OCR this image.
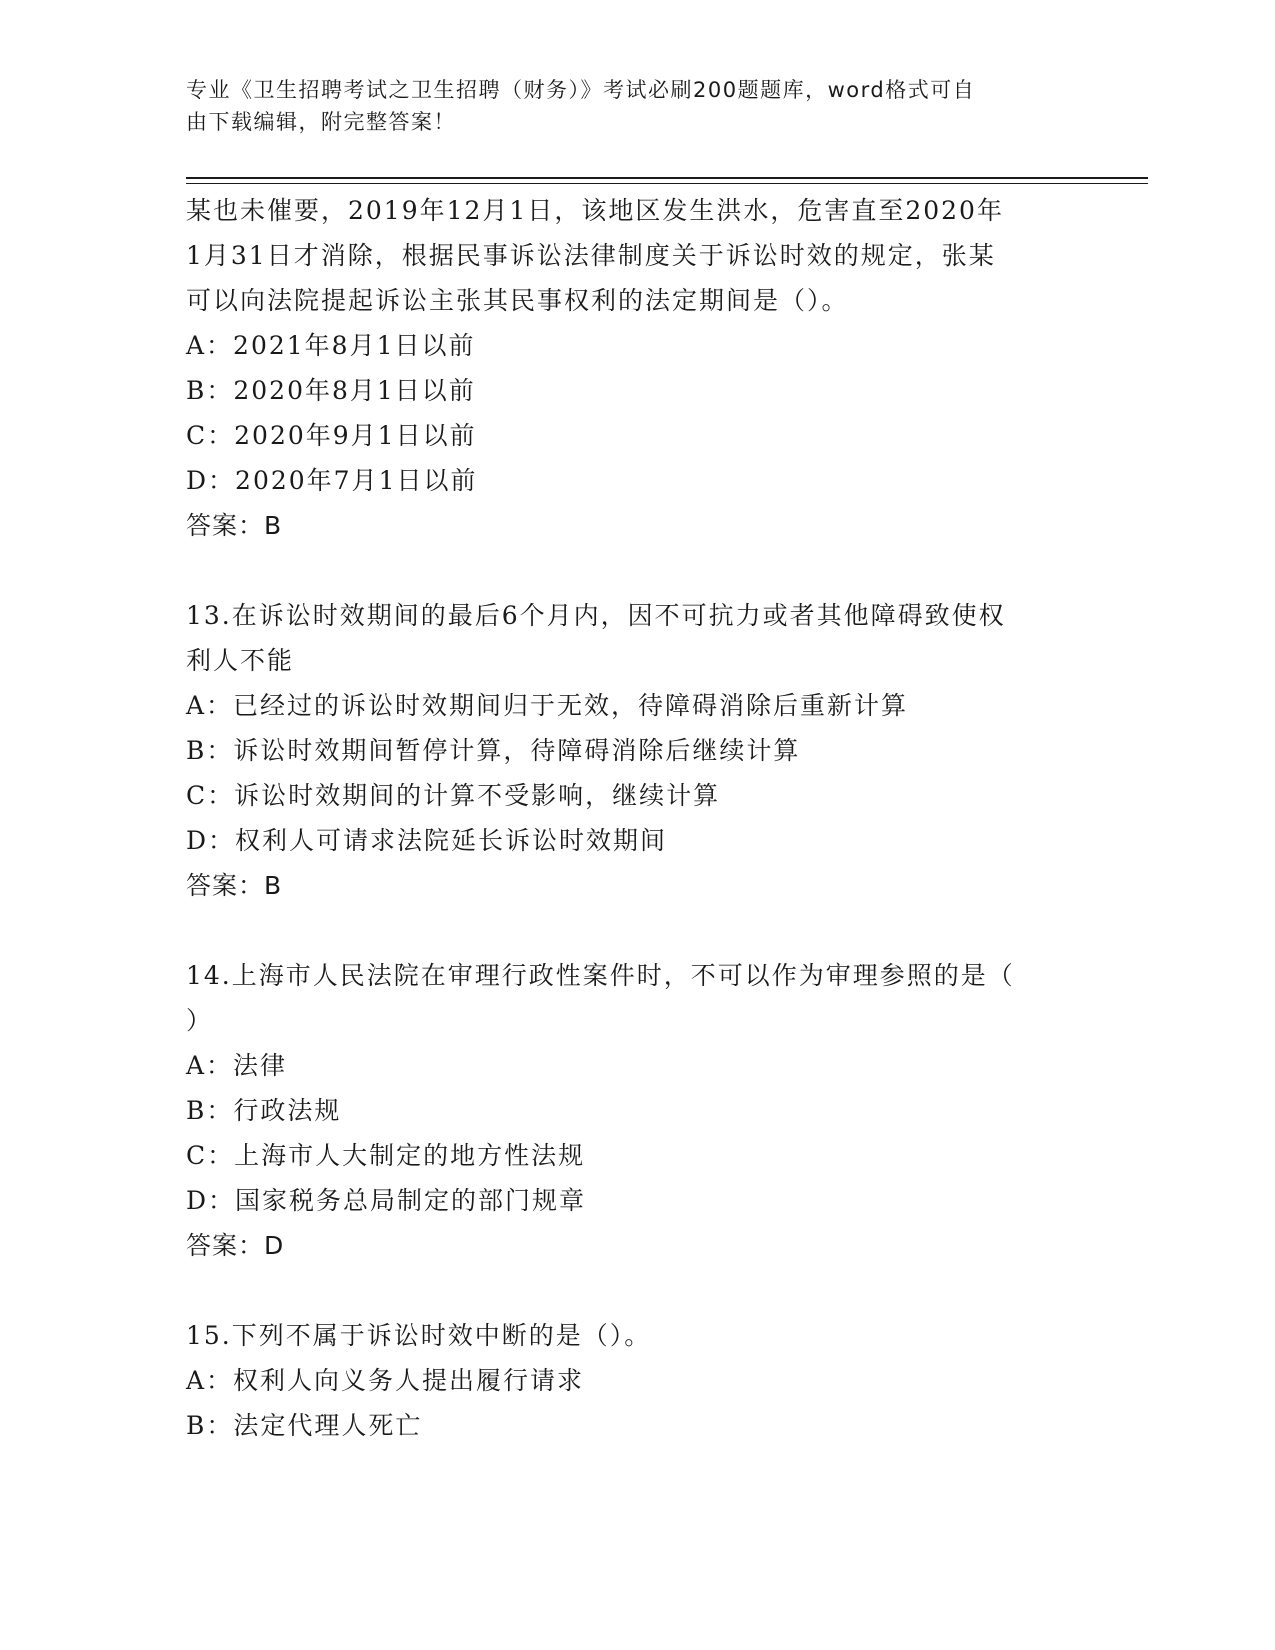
专业《卫生招聘考试之卫生招聘（财务）》考试必刷200题题库，word格式可自
由下载编辑，附完整答案！
某也未催要，2019年12月1日，该地区发生洪水，危害直至2020年
1月31日才消除，根据民事诉讼法律制度关于诉讼时效的规定，张某
可以向法院提起诉讼主张其民事权利的法定期间是（）。
A：2021年8月1日以前
B：2020年8月1日以前
C：2020年9月1日以前
D：2020年7月1日以前
答案：B
13.在诉讼时效期间的最后6个月内，因不可抗力或者其他障碍致使权
利人不能
A：已经过的诉讼时效期间归于无效，待障碍消除后重新计算
B：诉讼时效期间暂停计算，待障碍消除后继续计算
C：诉讼时效期间的计算不受影响，继续计算
D：权利人可请求法院延长诉讼时效期间
答案：B
14.上海市人民法院在审理行政性案件时，不可以作为审理参照的是（
）
A：法律
B：行政法规
C：上海市人大制定的地方性法规
D：国家税务总局制定的部门规章
答案：D
15.下列不属于诉讼时效中断的是（）。
A：权利人向义务人提出履行请求
B：法定代理人死亡
